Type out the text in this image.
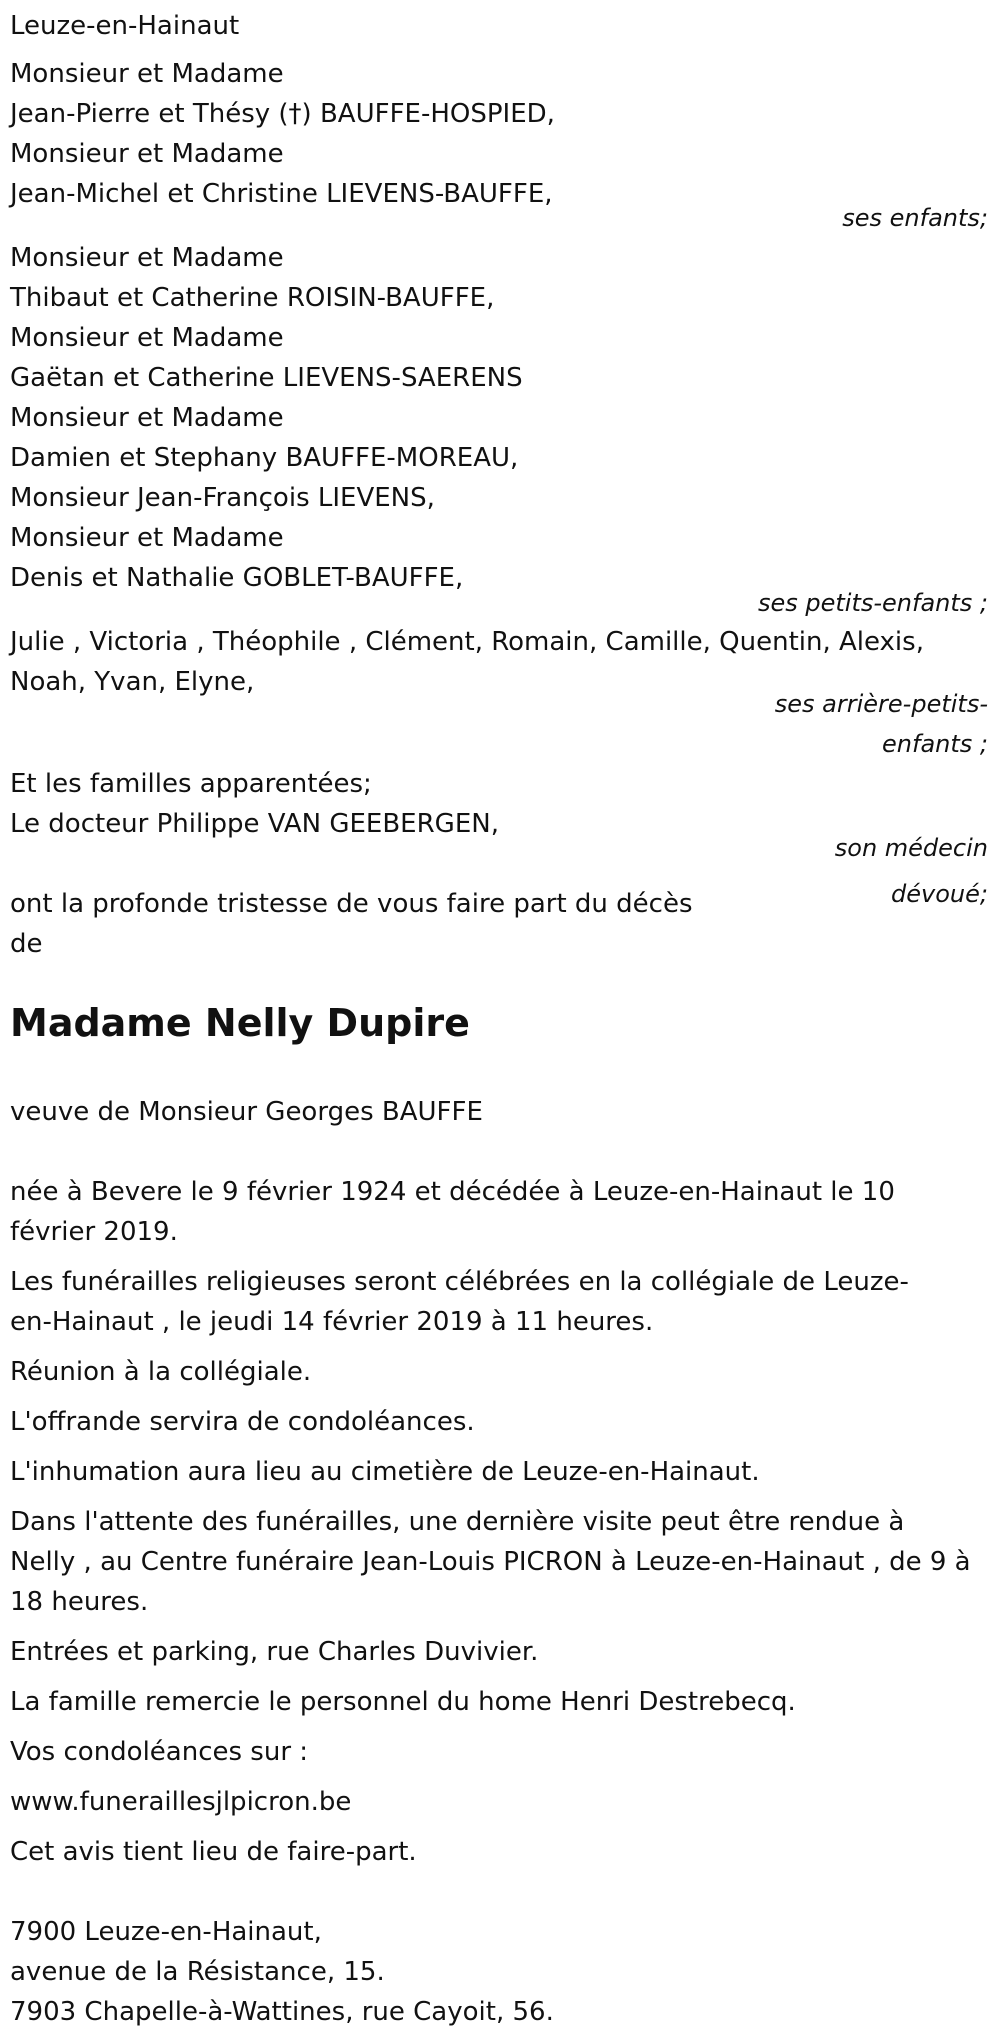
Leuze-en-Hainaut
Monsieur et Madame
Jean-Pierre et Thésy (†) BAUFFE-HOSPIED,
Monsieur et Madame
Jean-Michel et Christine LIEVENS-BAUFFE,
ses enfants;
Monsieur et Madame
Thibaut et Catherine ROISIN-BAUFFE,
Monsieur et Madame
Gaëtan et Catherine LIEVENS-SAERENS
Monsieur et Madame
Damien et Stephany BAUFFE-MOREAU,
Monsieur Jean-François LIEVENS,
Monsieur et Madame
Denis et Nathalie GOBLET-BAUFFE,
ses petits-enfants ;
Julie , Victoria , Théophile , Clément, Romain, Camille, Quentin, Alexis,
Noah, Yvan, Elyne,
ses arrière-petits-
enfants ;
Et les familles apparentées;
Le docteur Philippe VAN GEEBERGEN,
son médecin
dévoué;
ont la profonde tristesse de vous faire part du décès
de
Madame Nelly Dupire
veuve de Monsieur Georges BAUFFE
née à Bevere le 9 février 1924 et décédée à Leuze-en-Hainaut le 10
février 2019.
Les funérailles religieuses seront célébrées en la collégiale de Leuze-
en-Hainaut , le jeudi 14 février 2019 à 11 heures.
Réunion à la collégiale.
L'offrande servira de condoléances.
L'inhumation aura lieu au cimetière de Leuze-en-Hainaut.
Dans l'attente des funérailles, une dernière visite peut être rendue à
Nelly , au Centre funéraire Jean-Louis PICRON à Leuze-en-Hainaut , de 9 à
18 heures.
Entrées et parking, rue Charles Duvivier.
La famille remercie le personnel du home Henri Destrebecq.
Vos condoléances sur :
www.funeraillesjlpicron.be
Cet avis tient lieu de faire-part.
7900 Leuze-en-Hainaut,
avenue de la Résistance, 15.
7903 Chapelle-à-Wattines, rue Cayoit, 56.
